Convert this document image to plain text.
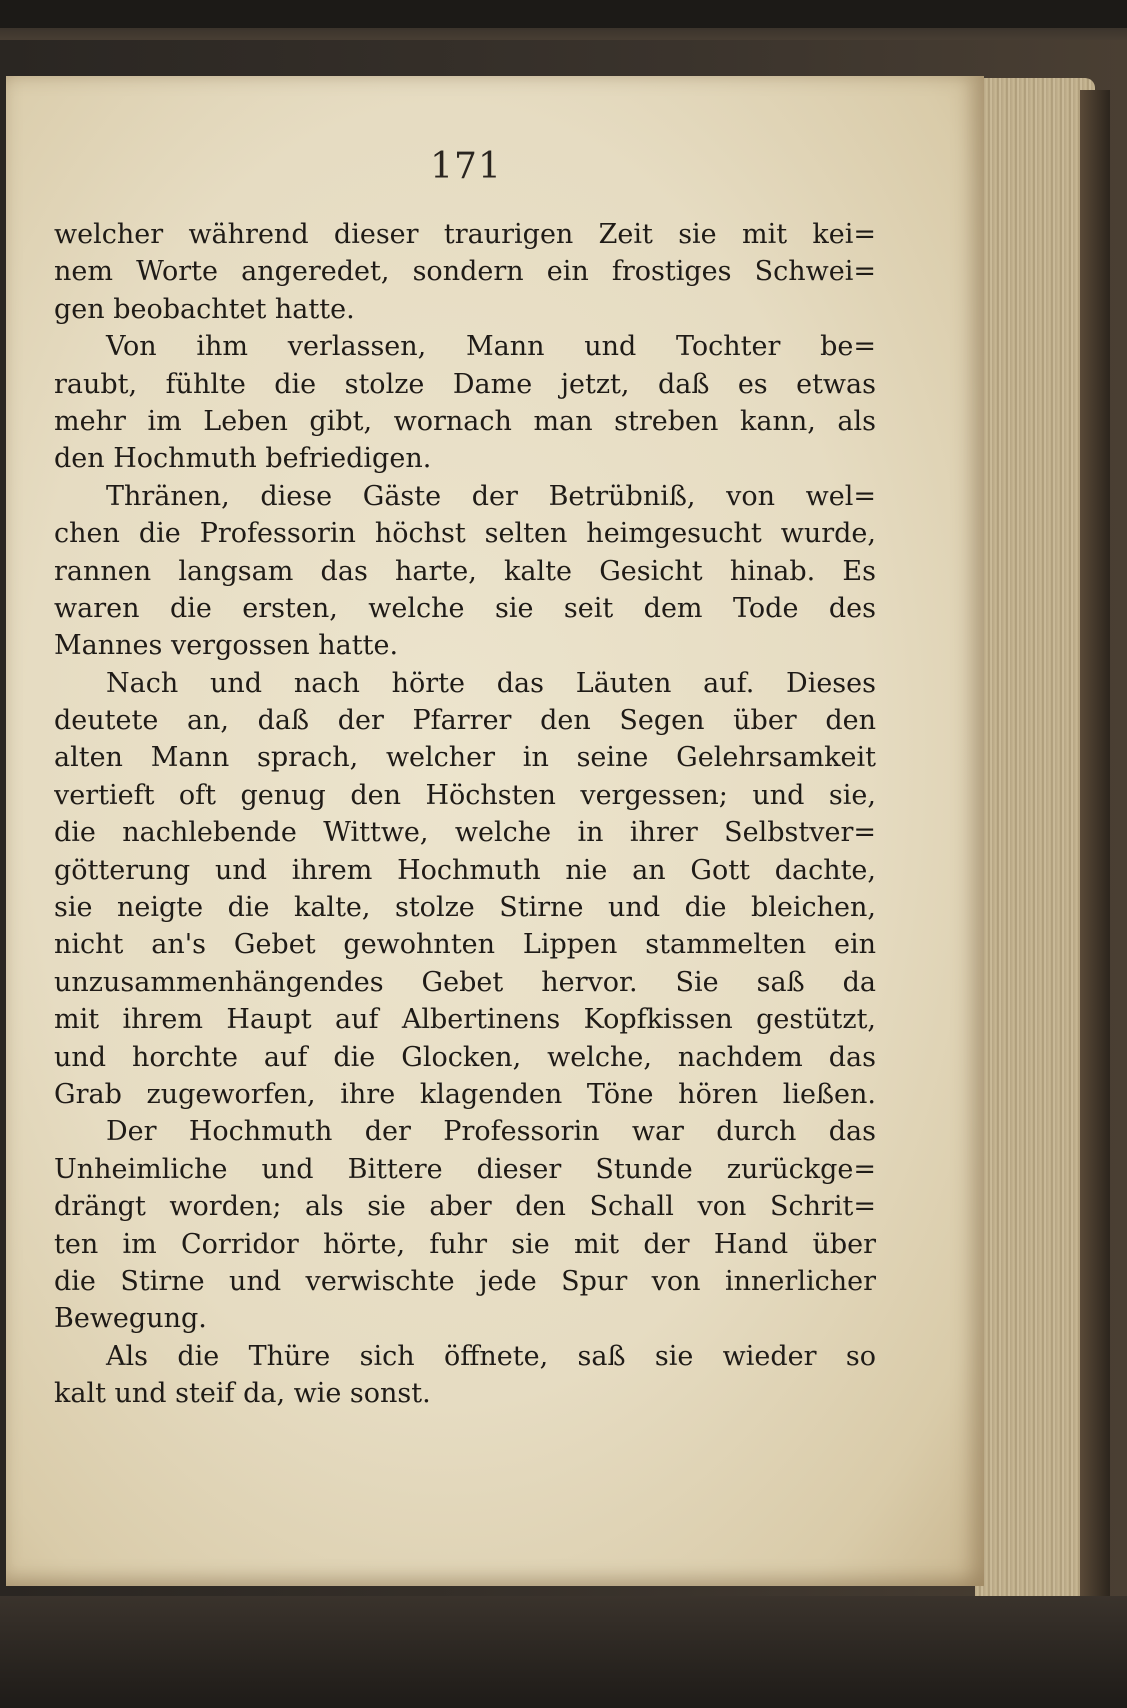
171
welcher während dieser traurigen Zeit sie mit kei=
nem Worte angeredet, sondern ein frostiges Schwei=
gen beobachtet hatte.
Von ihm verlassen, Mann und Tochter be=
raubt, fühlte die stolze Dame jetzt, daß es etwas
mehr im Leben gibt, wornach man streben kann, als
den Hochmuth befriedigen.
Thränen, diese Gäste der Betrübniß, von wel=
chen die Professorin höchst selten heimgesucht wurde,
rannen langsam das harte, kalte Gesicht hinab. Es
waren die ersten, welche sie seit dem Tode des
Mannes vergossen hatte.
Nach und nach hörte das Läuten auf. Dieses
deutete an, daß der Pfarrer den Segen über den
alten Mann sprach, welcher in seine Gelehrsamkeit
vertieft oft genug den Höchsten vergessen; und sie,
die nachlebende Wittwe, welche in ihrer Selbstver=
götterung und ihrem Hochmuth nie an Gott dachte,
sie neigte die kalte, stolze Stirne und die bleichen,
nicht an's Gebet gewohnten Lippen stammelten ein
unzusammenhängendes Gebet hervor. Sie saß da
mit ihrem Haupt auf Albertinens Kopfkissen gestützt,
und horchte auf die Glocken, welche, nachdem das
Grab zugeworfen, ihre klagenden Töne hören ließen.
Der Hochmuth der Professorin war durch das
Unheimliche und Bittere dieser Stunde zurückge=
drängt worden; als sie aber den Schall von Schrit=
ten im Corridor hörte, fuhr sie mit der Hand über
die Stirne und verwischte jede Spur von innerlicher
Bewegung.
Als die Thüre sich öffnete, saß sie wieder so
kalt und steif da, wie sonst.
